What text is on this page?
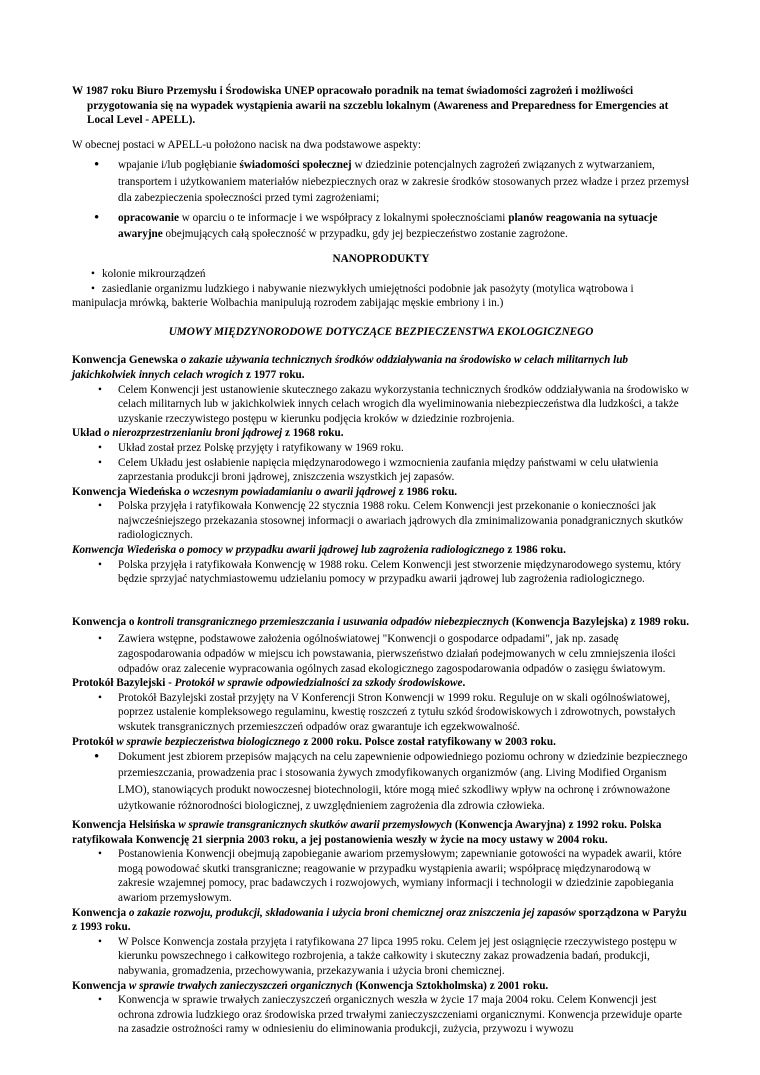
W 1987 roku Biuro Przemysłu i Środowiska UNEP opracowało poradnik na temat świadomości zagrożeń i możliwości przygotowania się na wypadek wystąpienia awarii na szczeblu lokalnym (Awareness and Preparedness for Emergencies at Local Level - APELL).

W obecnej postaci w APELL-u położono nacisk na dwa podstawowe aspekty:

• wpajanie i/lub pogłębianie świadomości społecznej w dziedzinie potencjalnych zagrożeń związanych z wytwarzaniem, transportem i użytkowaniem materiałów niebezpiecznych oraz w zakresie środków stosowanych przez władze i przez przemysł dla zabezpieczenia społeczności przed tymi zagrożeniami;
• opracowanie w oparciu o te informacje i we współpracy z lokalnymi społecznościami planów reagowania na sytuacje awaryjne obejmujących całą społeczność w przypadku, gdy jej bezpieczeństwo zostanie zagrożone.

NANOPRODUKTY

• kolonie mikrourządzeń
• zasiedlanie organizmu ludzkiego i nabywanie niezwykłych umiejętności podobnie jak pasożyty (motylica wątrobowa i manipulacja mrówką, bakterie Wolbachia manipulują rozrodem zabijając męskie embriony i in.)

UMOWY MIĘDZYNORODOWE DOTYCZĄCE BEZPIECZENSTWA EKOLOGICZNEGO

Konwencja Genewska o zakazie używania technicznych środków oddziaływania na środowisko w celach militarnych lub jakichkolwiek innych celach wrogich z 1977 roku.

• Celem Konwencji jest ustanowienie skutecznego zakazu wykorzystania technicznych środków oddziaływania na środowisko w celach militarnych lub w jakichkolwiek innych celach wrogich dla wyeliminowania niebezpieczeństwa dla ludzkości, a także uzyskanie rzeczywistego postępu w kierunku podjęcia kroków w dziedzinie rozbrojenia.

Układ o nierozprzestrzenianiu broni jądrowej z 1968 roku.

• Układ został przez Polskę przyjęty i ratyfikowany w 1969 roku.
• Celem Układu jest osłabienie napięcia międzynarodowego i wzmocnienia zaufania między państwami w celu ułatwienia zaprzestania produkcji broni jądrowej, zniszczenia wszystkich jej zapasów.

Konwencja Wiedeńska o wczesnym powiadamianiu o awarii jądrowej z 1986 roku.

• Polska przyjęła i ratyfikowała Konwencję 22 stycznia 1988 roku. Celem Konwencji jest przekonanie o konieczności jak najwcześniejszego przekazania stosownej informacji o awariach jądrowych dla zminimalizowania ponadgranicznych skutków radiologicznych.

Konwencja Wiedeńska o pomocy w przypadku awarii jądrowej lub zagrożenia radiologicznego z 1986 roku.

• Polska przyjęła i ratyfikowała Konwencję w 1988 roku. Celem Konwencji jest stworzenie międzynarodowego systemu, który będzie sprzyjać natychmiastowemu udzielaniu pomocy w przypadku awarii jądrowej lub zagrożenia radiologicznego.

Konwencja o kontroli transgranicznego przemieszczania i usuwania odpadów niebezpiecznych (Konwencja Bazylejska) z 1989 roku.

• Zawiera wstępne, podstawowe założenia ogólnoświatowej "Konwencji o gospodarce odpadami", jak np. zasadę zagospodarowania odpadów w miejscu ich powstawania, pierwszeństwo działań podejmowanych w celu zmniejszenia ilości odpadów oraz zalecenie wypracowania ogólnych zasad ekologicznego zagospodarowania odpadów o zasięgu światowym.

Protokół Bazylejski - Protokół w sprawie odpowiedzialności za szkody środowiskowe.

• Protokół Bazylejski został przyjęty na V Konferencji Stron Konwencji w 1999 roku. Reguluje on w skali ogólnoświatowej, poprzez ustalenie kompleksowego regulaminu, kwestię roszczeń z tytułu szkód środowiskowych i zdrowotnych, powstałych wskutek transgranicznych przemieszczeń odpadów oraz gwarantuje ich egzekwowalność.

Protokół w sprawie bezpieczeństwa biologicznego z 2000 roku. Polsce został ratyfikowany w 2003 roku.

• Dokument jest zbiorem przepisów mających na celu zapewnienie odpowiedniego poziomu ochrony w dziedzinie bezpiecznego przemieszczania, prowadzenia prac i stosowania żywych zmodyfikowanych organizmów (ang. Living Modified Organism LMO), stanowiących produkt nowoczesnej biotechnologii, które mogą mieć szkodliwy wpływ na ochronę i zrównoważone użytkowanie różnorodności biologicznej, z uwzględnieniem zagrożenia dla zdrowia człowieka.

Konwencja Helsińska w sprawie transgranicznych skutków awarii przemysłowych (Konwencja Awaryjna) z 1992 roku. Polska ratyfikowała Konwencję 21 sierpnia 2003 roku, a jej postanowienia weszły w życie na mocy ustawy w 2004 roku.

• Postanowienia Konwencji obejmują zapobieganie awariom przemysłowym; zapewnianie gotowości na wypadek awarii, które mogą powodować skutki transgraniczne; reagowanie w przypadku wystąpienia awarii; współpracę międzynarodową w zakresie wzajemnej pomocy, prac badawczych i rozwojowych, wymiany informacji i technologii w dziedzinie zapobiegania awariom przemysłowym.

Konwencja o zakazie rozwoju, produkcji, składowania i użycia broni chemicznej oraz zniszczenia jej zapasów sporządzona w Paryżu z 1993 roku.

• W Polsce Konwencja została przyjęta i ratyfikowana 27 lipca 1995 roku. Celem jej jest osiągnięcie rzeczywistego postępu w kierunku powszechnego i całkowitego rozbrojenia, a także całkowity i skuteczny zakaz prowadzenia badań, produkcji, nabywania, gromadzenia, przechowywania, przekazywania i użycia broni chemicznej.

Konwencja w sprawie trwałych zanieczyszczeń organicznych (Konwencja Sztokholmska) z 2001 roku.

• Konwencja w sprawie trwałych zanieczyszczeń organicznych weszła w życie 17 maja 2004 roku. Celem Konwencji jest ochrona zdrowia ludzkiego oraz środowiska przed trwałymi zanieczyszczeniami organicznymi. Konwencja przewiduje oparte na zasadzie ostrożności ramy w odniesieniu do eliminowania produkcji, zużycia, przywozu i wywozu
